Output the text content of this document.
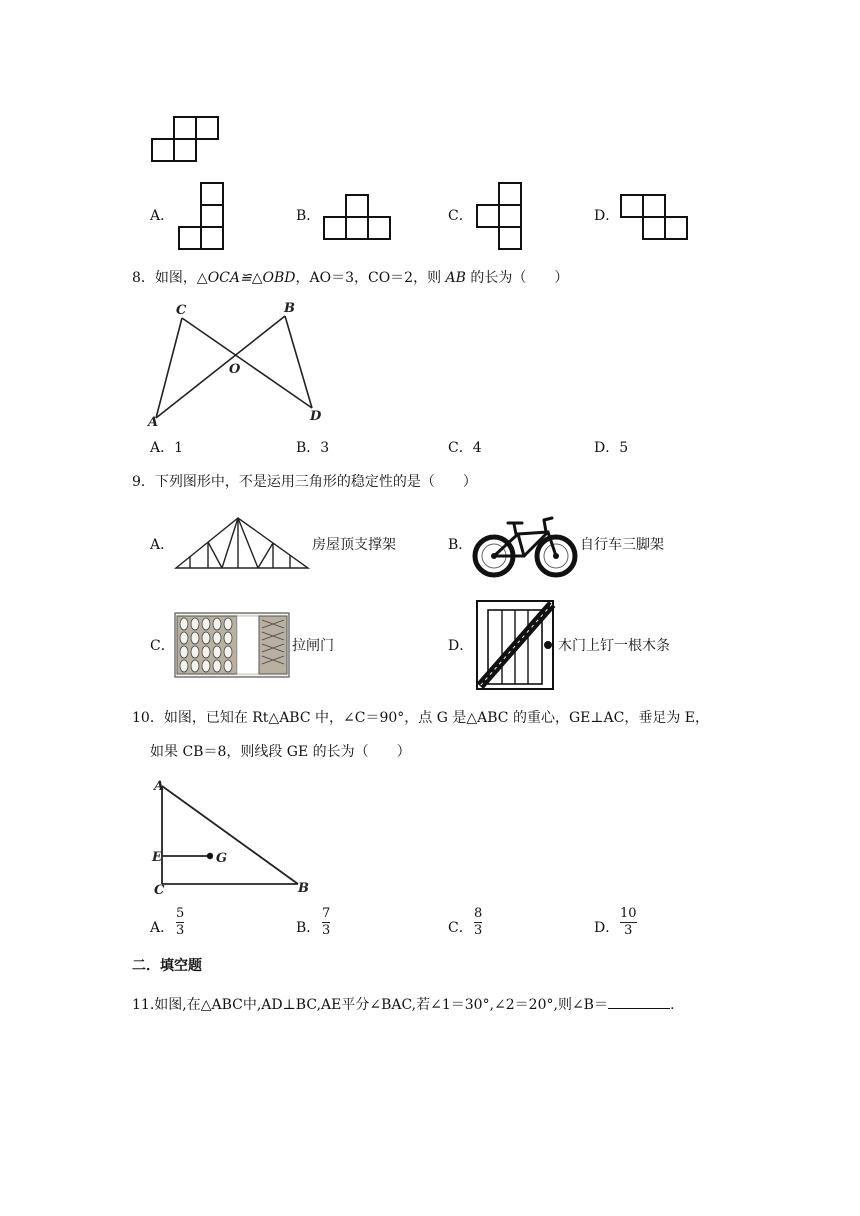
A．	B．	C．	D．
8．如图，△OCA≌△OBD，AO＝3，CO＝2，则 AB 的长为（　　）
C	B
O
A	D
A．1	B．3	C．4	D．5
9．下列图形中，不是运用三角形的稳定性的是（　　）
A．	房屋顶支撑架	B．	自行车三脚架
C．	拉闸门	D．	木门上钉一根木条
10．如图，已知在 Rt△ABC 中，∠C＝90°，点 G 是△ABC 的重心，GE⊥AC，垂足为 E，
如果 CB＝8，则线段 GE 的长为（　　）
A
E	G
C	B
A．
5
3	B．
7
3	C．
8
3	D．
10
3
二．填空题
11.如图,在△ABC中,AD⊥BC,AE平分∠BAC,若∠1＝30°,∠2＝20°,则∠B＝	.
